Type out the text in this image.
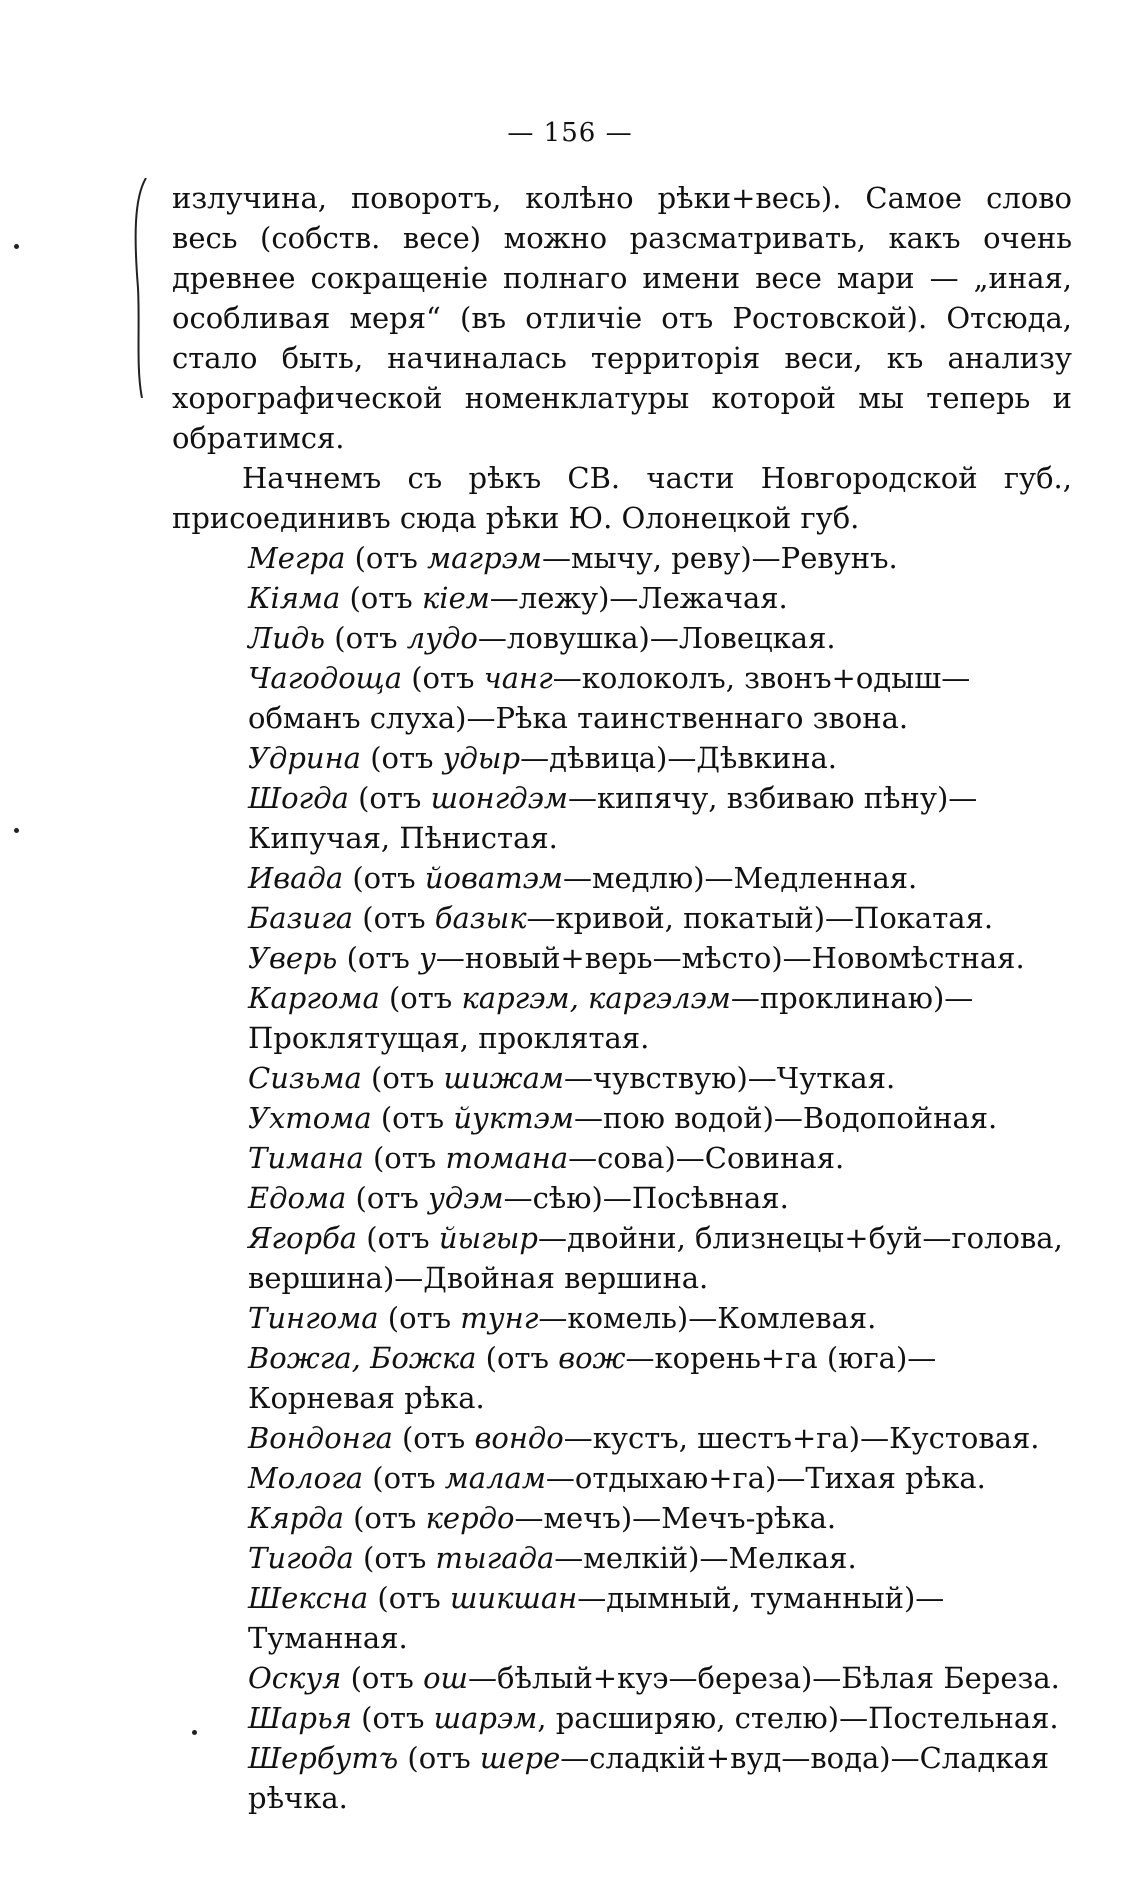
— 156 —

излучина, поворотъ, колѣно рѣки+весь). Самое слово весь (собств. весе) можно разсматривать, какъ очень древнее сокращеніе полнаго имени весе мари — „иная, особливая меря“ (въ отличіе отъ Ростовской). Отсюда, стало быть, начиналась территорія веси, къ анализу хорографической номенклатуры которой мы теперь и обратимся.

Начнемъ съ рѣкъ СВ. части Новгородской губ., присоединивъ сюда рѣки Ю. Олонецкой губ.

Мегра (отъ магрэм—мычу, реву)—Ревунъ.

Кіяма (отъ кіем—лежу)—Лежачая.

Лидь (отъ лудо—ловушка)—Ловецкая.

Чагодоща (отъ чанг—колоколъ, звонъ+одыш—обманъ слуха)—Рѣка таинственнаго звона.

Удрина (отъ удыр—дѣвица)—Дѣвкина.

Шогда (отъ шонгдэм—кипячу, взбиваю пѣну)—Кипучая, Пѣнистая.

Ивада (отъ йоватэм—медлю)—Медленная.

Базига (отъ базык—кривой, покатый)—Покатая.

Уверь (отъ у—новый+верь—мѣсто)—Новомѣстная.

Каргома (отъ каргэм, каргэлэм—проклинаю)—Проклятущая, проклятая.

Сизьма (отъ шижам—чувствую)—Чуткая.

Ухтома (отъ йуктэм—пою водой)—Водопойная.

Тимана (отъ томана—сова)—Совиная.

Едома (отъ удэм—сѣю)—Посѣвная.

Ягорба (отъ йыгыр—двойни, близнецы+буй—голова, вершина)—Двойная вершина.

Тингома (отъ тунг—комель)—Комлевая.

Вожга, Божка (отъ вож—корень+га (юга)—Корневая рѣка.

Вондонга (отъ вондо—кустъ, шестъ+га)—Кустовая.

Молога (отъ малам—отдыхаю+га)—Тихая рѣка.

Кярда (отъ кердо—мечъ)—Мечъ-рѣка.

Тигода (отъ тыгада—мелкій)—Мелкая.

Шексна (отъ шикшан—дымный, туманный)—Туманная.

Оскуя (отъ ош—бѣлый+куэ—береза)—Бѣлая Береза.

Шарья (отъ шарэм, расширяю, стелю)—Постельная.

Шербутъ (отъ шере—сладкій+вуд—вода)—Сладкая рѣчка.
